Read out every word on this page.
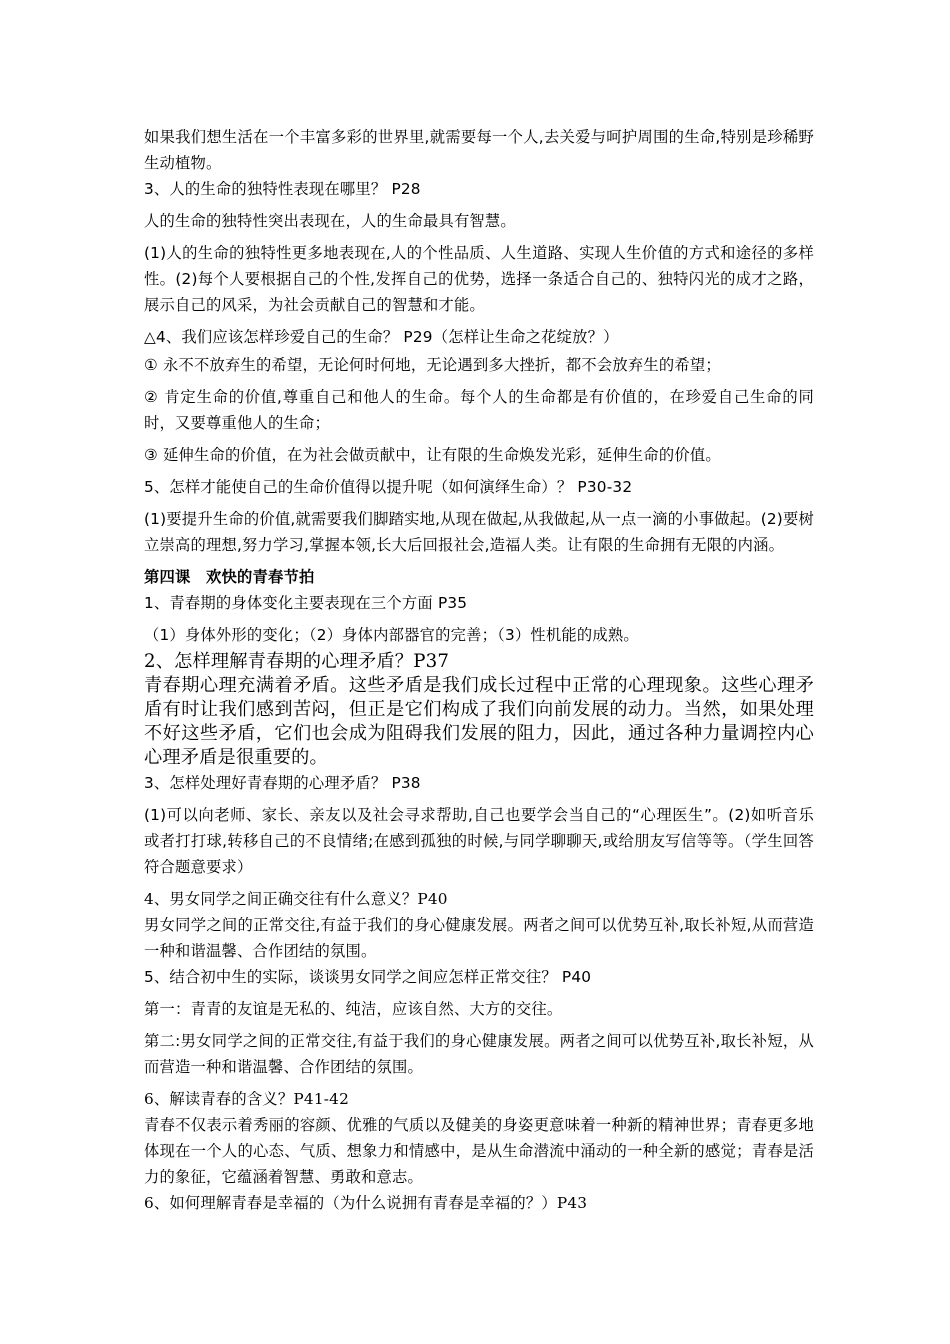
如果我们想生活在一个丰富多彩的世界里,就需要每一个人,去关爱与呵护周围的生命,特别是珍稀野生动植物。

3、人的生命的独特性表现在哪里？ P28

人的生命的独特性突出表现在，人的生命最具有智慧。

(1)人的生命的独特性更多地表现在,人的个性品质、人生道路、实现人生价值的方式和途径的多样性。(2)每个人要根据自己的个性,发挥自己的优势，选择一条适合自己的、独特闪光的成才之路，展示自己的风采，为社会贡献自己的智慧和才能。

△4、我们应该怎样珍爱自己的生命？ P29（怎样让生命之花绽放？）

① 永不不放弃生的希望，无论何时何地，无论遇到多大挫折，都不会放弃生的希望；

② 肯定生命的价值,尊重自己和他人的生命。每个人的生命都是有价值的，在珍爱自己生命的同时，又要尊重他人的生命；

③ 延伸生命的价值，在为社会做贡献中，让有限的生命焕发光彩，延伸生命的价值。

5、怎样才能使自己的生命价值得以提升呢（如何演绎生命）？ P30-32

(1)要提升生命的价值,就需要我们脚踏实地,从现在做起,从我做起,从一点一滴的小事做起。(2)要树立崇高的理想,努力学习,掌握本领,长大后回报社会,造福人类。让有限的生命拥有无限的内涵。

第四课　欢快的青春节拍

1、青春期的身体变化主要表现在三个方面 P35

（1）身体外形的变化；（2）身体内部器官的完善；（3）性机能的成熟。

2、怎样理解青春期的心理矛盾？P37

青春期心理充满着矛盾。这些矛盾是我们成长过程中正常的心理现象。这些心理矛盾有时让我们感到苦闷，但正是它们构成了我们向前发展的动力。当然，如果处理不好这些矛盾，它们也会成为阻碍我们发展的阻力，因此，通过各种力量调控内心心理矛盾是很重要的。

3、怎样处理好青春期的心理矛盾？ P38

(1)可以向老师、家长、亲友以及社会寻求帮助,自己也要学会当自己的“心理医生”。(2)如听音乐或者打打球,转移自己的不良情绪;在感到孤独的时候,与同学聊聊天,或给朋友写信等等。（学生回答符合题意要求）

4、男女同学之间正确交往有什么意义？P40

男女同学之间的正常交往,有益于我们的身心健康发展。两者之间可以优势互补,取长补短,从而营造一种和谐温馨、合作团结的氛围。

5、结合初中生的实际，谈谈男女同学之间应怎样正常交往？ P40

第一：青青的友谊是无私的、纯洁，应该自然、大方的交往。

第二:男女同学之间的正常交往,有益于我们的身心健康发展。两者之间可以优势互补,取长补短，从而营造一种和谐温馨、合作团结的氛围。

6、解读青春的含义？P41-42

青春不仅表示着秀丽的容颜、优雅的气质以及健美的身姿更意味着一种新的精神世界；青春更多地体现在一个人的心态、气质、想象力和情感中，是从生命潜流中涌动的一种全新的感觉；青春是活力的象征，它蕴涵着智慧、勇敢和意志。

6、如何理解青春是幸福的（为什么说拥有青春是幸福的？）P43
